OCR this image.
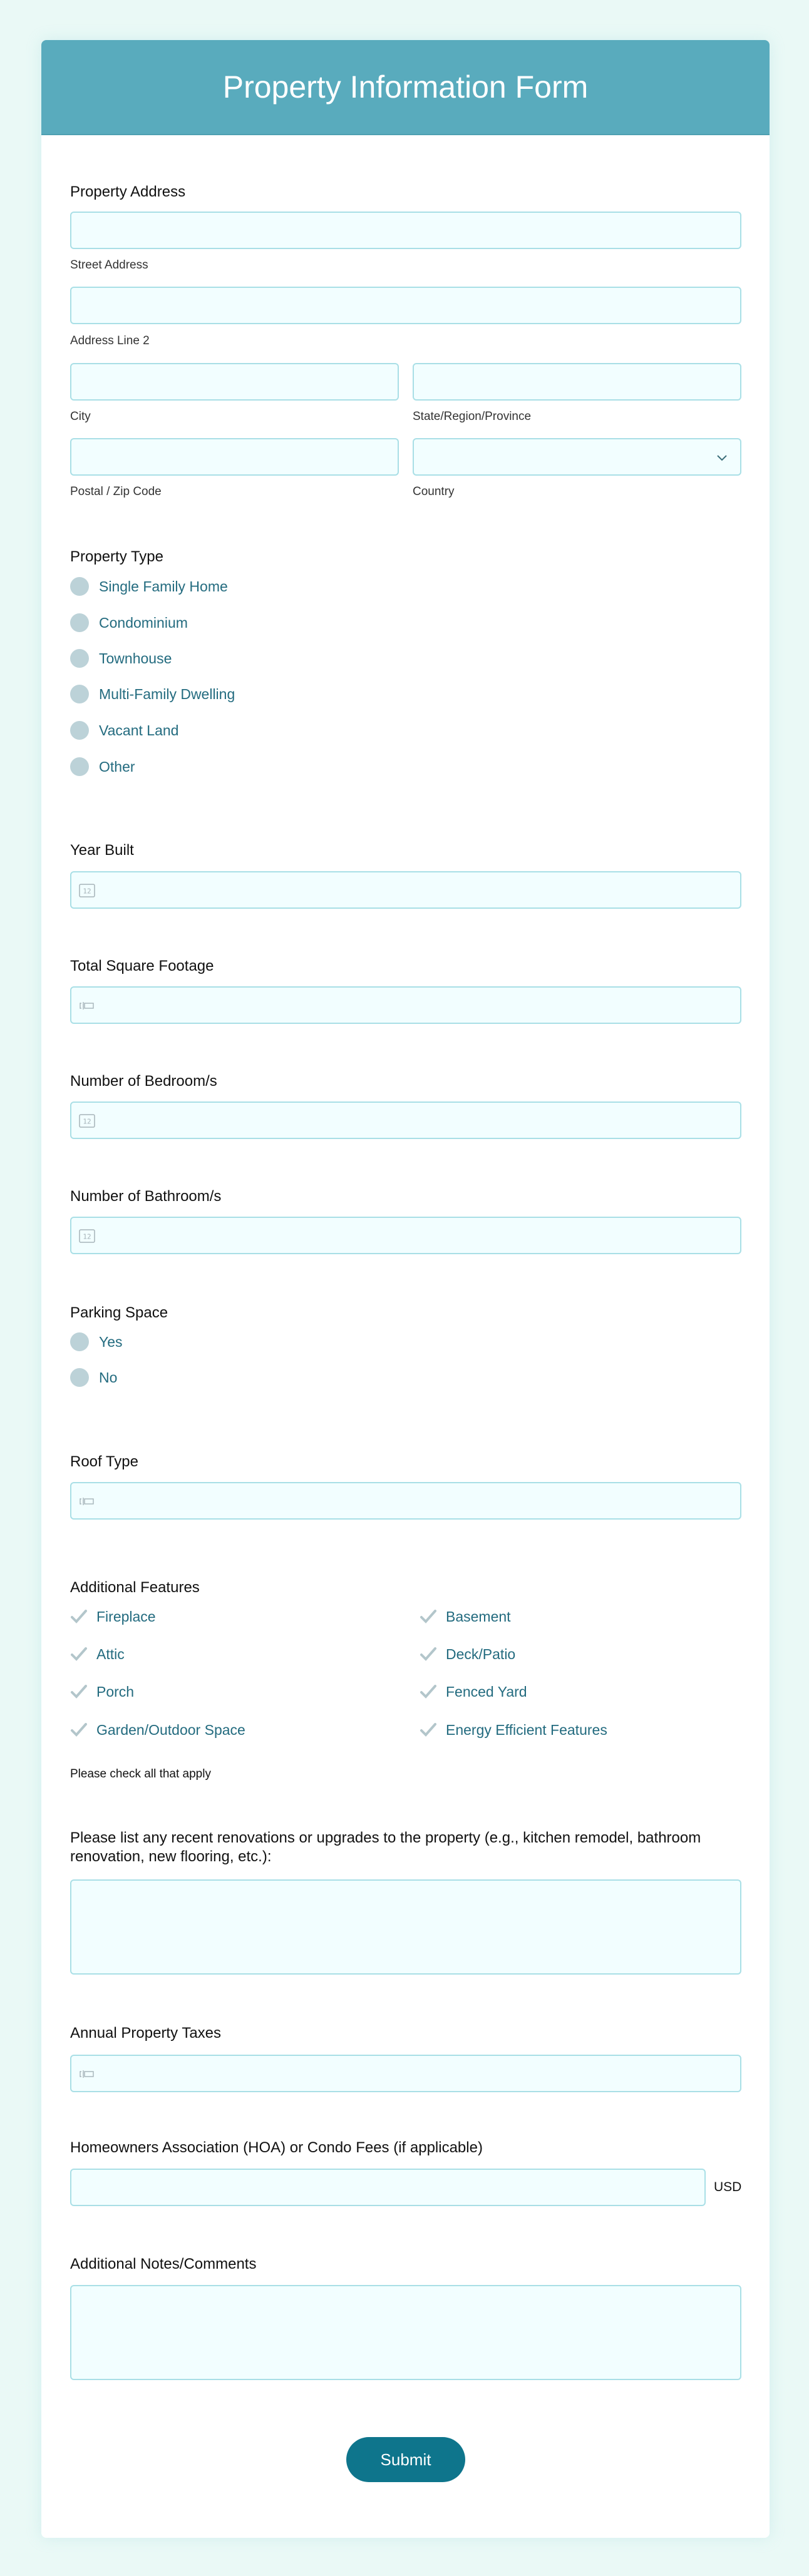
Property Information Form
Property Address
Street Address
Address Line 2
City	State/Region/Province
Postal / Zip Code	Country
Property Type
Single Family Home
Condominium
Townhouse
Multi-Family Dwelling
Vacant Land
Other
Year Built
12
Total Square Footage
Number of Bedroom/s
12
Number of Bathroom/s
12
Parking Space
Yes
No
Roof Type
Additional Features
Fireplace	Basement
Attic	Deck/Patio
Porch	Fenced Yard
Garden/Outdoor Space	Energy Efficient Features
Please check all that apply
Please list any recent renovations or upgrades to the property (e.g., kitchen remodel, bathroom renovation, new flooring, etc.):
Annual Property Taxes
Homeowners Association (HOA) or Condo Fees (if applicable)
USD
Additional Notes/Comments
Submit
